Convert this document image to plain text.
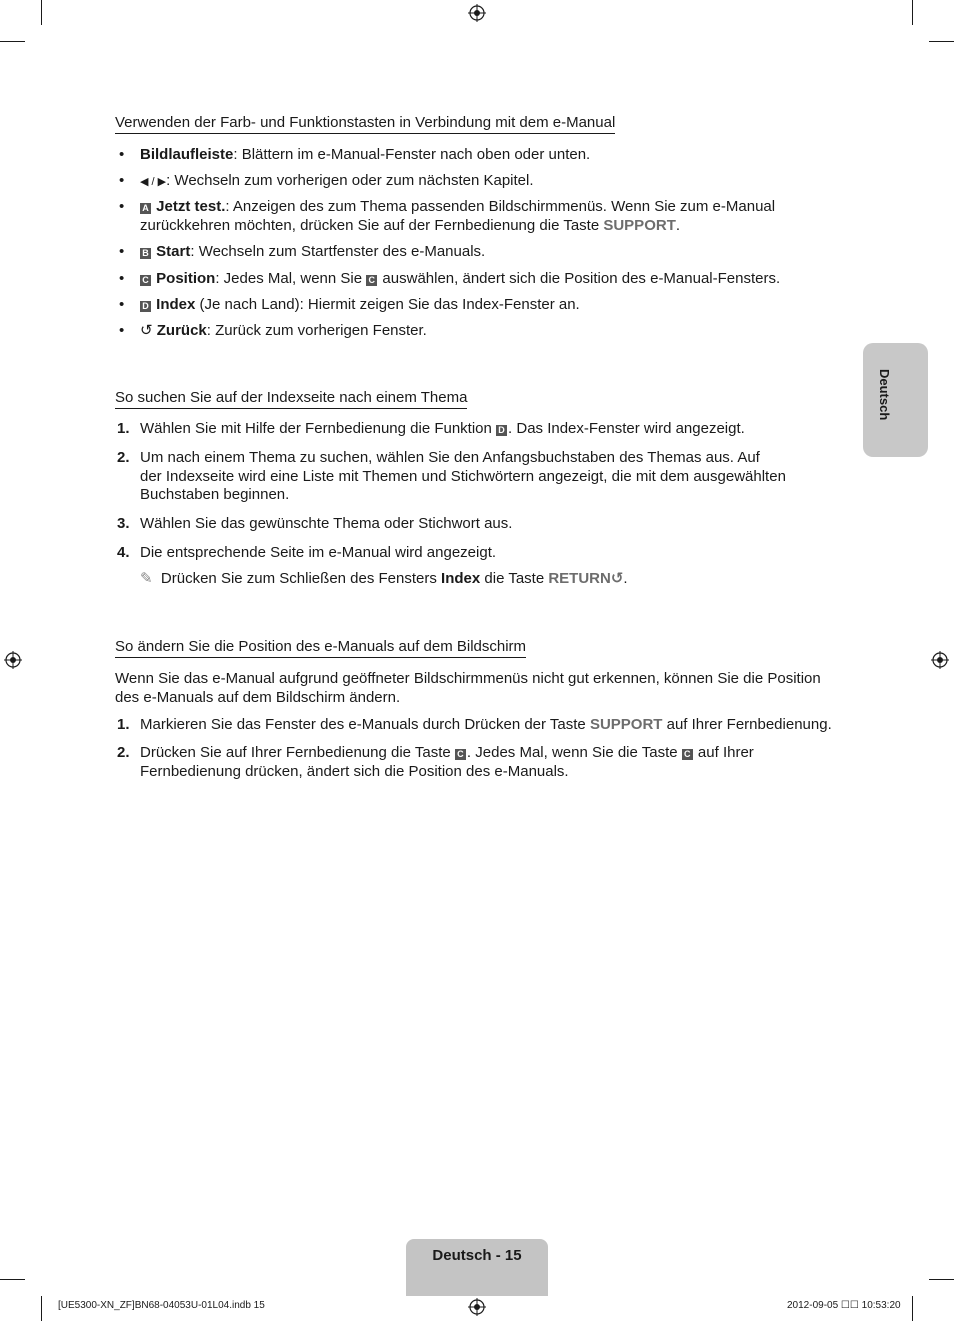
Verwenden der Farb- und Funktionstasten in Verbindung mit dem e-Manual
• Bildlaufleiste: Blättern im e-Manual-Fenster nach oben oder unten.
• ◀ / ▶: Wechseln zum vorherigen oder zum nächsten Kapitel.
• A Jetzt test.: Anzeigen des zum Thema passenden Bildschirmmenüs. Wenn Sie zum e-Manual
zurückkehren möchten, drücken Sie auf der Fernbedienung die Taste SUPPORT.
• B Start: Wechseln zum Startfenster des e-Manuals.
• C Position: Jedes Mal, wenn Sie C auswählen, ändert sich die Position des e-Manual-Fensters.
• D Index (Je nach Land): Hiermit zeigen Sie das Index-Fenster an.
• ↺ Zurück: Zurück zum vorherigen Fenster.
So suchen Sie auf der Indexseite nach einem Thema
1. Wählen Sie mit Hilfe der Fernbedienung die Funktion D . Das Index-Fenster wird angezeigt.
2. Um nach einem Thema zu suchen, wählen Sie den Anfangsbuchstaben des Themas aus. Auf
der Indexseite wird eine Liste mit Themen und Stichwörtern angezeigt, die mit dem ausgewählten
Buchstaben beginnen.
3. Wählen Sie das gewünschte Thema oder Stichwort aus.
4. Die entsprechende Seite im e-Manual wird angezeigt.
✎ Drücken Sie zum Schließen des Fensters Index die Taste RETURN↺.
So ändern Sie die Position des e-Manuals auf dem Bildschirm
Wenn Sie das e-Manual aufgrund geöffneter Bildschirmmenüs nicht gut erkennen, können Sie die Position
des e-Manuals auf dem Bildschirm ändern.
1. Markieren Sie das Fenster des e-Manuals durch Drücken der Taste SUPPORT auf Ihrer Fernbedienung.
2. Drücken Sie auf Ihrer Fernbedienung die Taste C . Jedes Mal, wenn Sie die Taste C auf Ihrer
Fernbedienung drücken, ändert sich die Position des e-Manuals.
Deutsch
Deutsch - 15
[UE5300-XN_ZF]BN68-04053U-01L04.indb 15	2012-09-05 ☐☐ 10:53:20
